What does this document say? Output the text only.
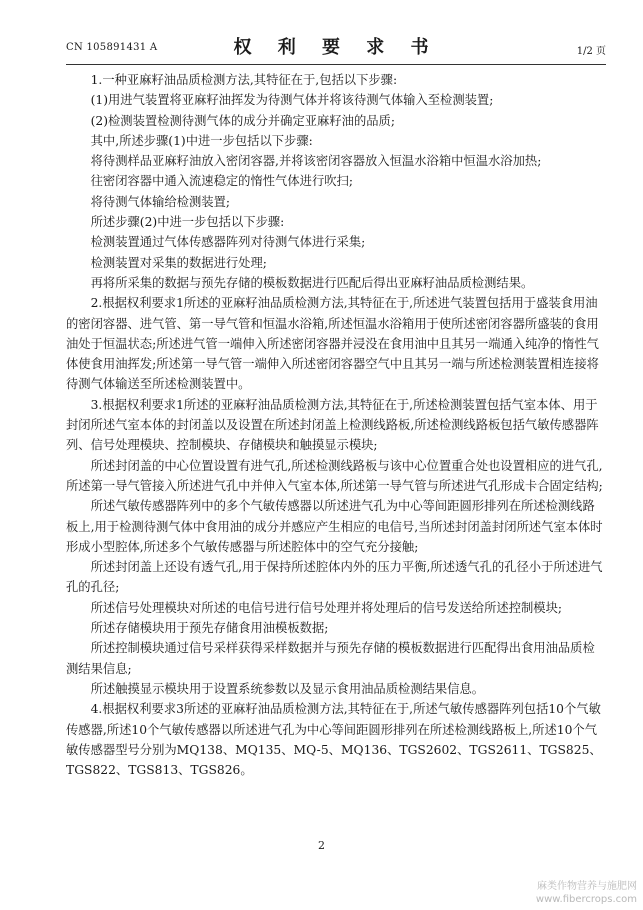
CN 105891431 A	权 利 要 求 书	1/2 页

1.一种亚麻籽油品质检测方法,其特征在于,包括以下步骤:

(1)用进气装置将亚麻籽油挥发为待测气体并将该待测气体输入至检测装置;

(2)检测装置检测待测气体的成分并确定亚麻籽油的品质;

其中,所述步骤(1)中进一步包括以下步骤:

将待测样品亚麻籽油放入密闭容器,并将该密闭容器放入恒温水浴箱中恒温水浴加热;

往密闭容器中通入流速稳定的惰性气体进行吹扫;

将待测气体输给检测装置;

所述步骤(2)中进一步包括以下步骤:

检测装置通过气体传感器阵列对待测气体进行采集;

检测装置对采集的数据进行处理;

再将所采集的数据与预先存储的模板数据进行匹配后得出亚麻籽油品质检测结果。

2.根据权利要求1所述的亚麻籽油品质检测方法,其特征在于,所述进气装置包括用于盛装食用油的密闭容器、进气管、第一导气管和恒温水浴箱,所述恒温水浴箱用于使所述密闭容器所盛装的食用油处于恒温状态;所述进气管一端伸入所述密闭容器并浸没在食用油中且其另一端通入纯净的惰性气体使食用油挥发;所述第一导气管一端伸入所述密闭容器空气中且其另一端与所述检测装置相连接将待测气体输送至所述检测装置中。

3.根据权利要求1所述的亚麻籽油品质检测方法,其特征在于,所述检测装置包括气室本体、用于封闭所述气室本体的封闭盖以及设置在所述封闭盖上检测线路板,所述检测线路板包括气敏传感器阵列、信号处理模块、控制模块、存储模块和触摸显示模块;

所述封闭盖的中心位置设置有进气孔,所述检测线路板与该中心位置重合处也设置相应的进气孔,所述第一导气管接入所述进气孔中并伸入气室本体,所述第一导气管与所述进气孔形成卡合固定结构;

所述气敏传感器阵列中的多个气敏传感器以所述进气孔为中心等间距圆形排列在所述检测线路板上,用于检测待测气体中食用油的成分并感应产生相应的电信号,当所述封闭盖封闭所述气室本体时形成小型腔体,所述多个气敏传感器与所述腔体中的空气充分接触;

所述封闭盖上还设有透气孔,用于保持所述腔体内外的压力平衡,所述透气孔的孔径小于所述进气孔的孔径;

所述信号处理模块对所述的电信号进行信号处理并将处理后的信号发送给所述控制模块;

所述存储模块用于预先存储食用油模板数据;

所述控制模块通过信号采样获得采样数据并与预先存储的模板数据进行匹配得出食用油品质检测结果信息;

所述触摸显示模块用于设置系统参数以及显示食用油品质检测结果信息。

4.根据权利要求3所述的亚麻籽油品质检测方法,其特征在于,所述气敏传感器阵列包括10个气敏传感器,所述10个气敏传感器以所述进气孔为中心等间距圆形排列在所述检测线路板上,所述10个气敏传感器型号分别为MQ138、MQ135、MQ-5、MQ136、TGS2602、TGS2611、TGS825、TGS822、TGS813、TGS826。

2
麻类作物营养与施肥网
www.fibercrops.com
